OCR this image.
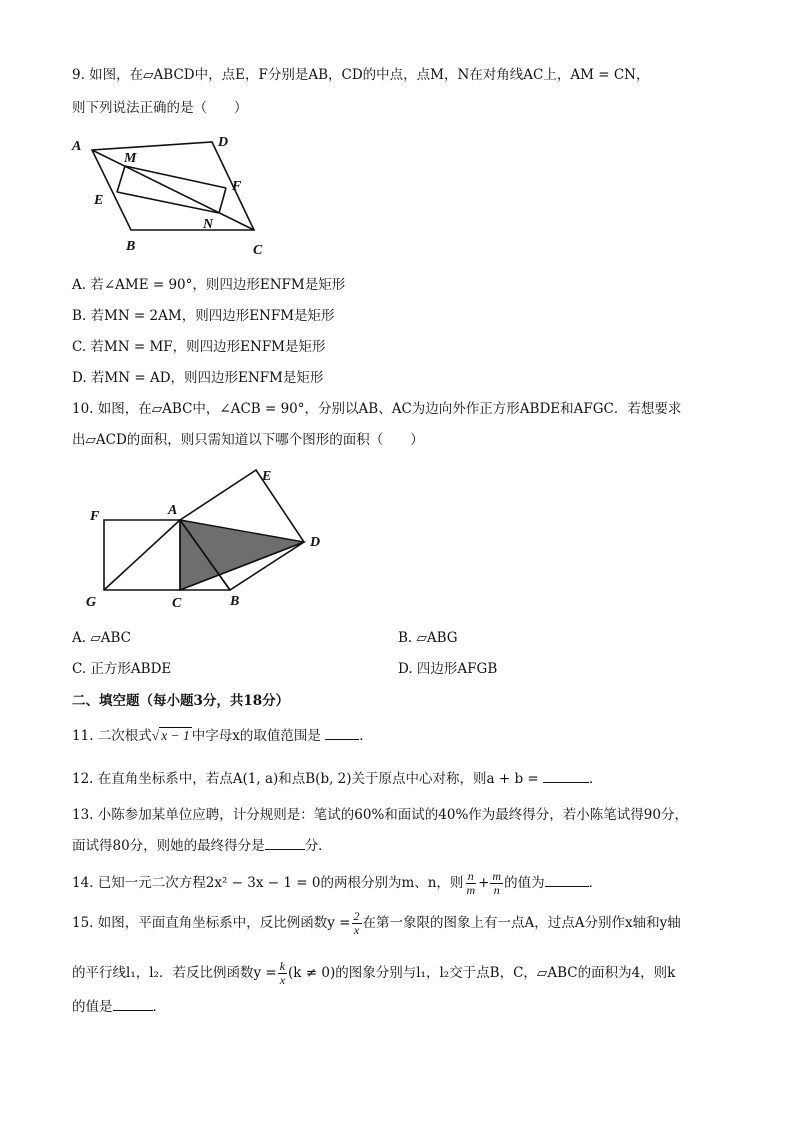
9. 如图，在▱ABCD中，点E，F分别是AB，CD的中点，点M，N在对角线AC上，AM = CN，
则下列说法正确的是（　　）
A	D
M
F
E
N
B	C
A. 若∠AME = 90°，则四边形ENFM是矩形
B. 若MN = 2AM，则四边形ENFM是矩形
C. 若MN = MF，则四边形ENFM是矩形
D. 若MN = AD，则四边形ENFM是矩形
10. 如图，在▱ABC中，∠ACB = 90°，分别以AB、AC为边向外作正方形ABDE和AFGC．若想要求
出▱ACD的面积，则只需知道以下哪个图形的面积（　　）
E
F	A
D
G	C	B
A. ▱ABC	B. ▱ABG
C. 正方形ABDE	D. 四边形AFGB
二、填空题（每小题3分，共18分）
11. 二次根式√ x − 1 中字母x的取值范围是	．
12. 在直角坐标系中，若点A(1, a)和点B(b, 2)关于原点中心对称，则a + b =	．
13. 小陈参加某单位应聘，计分规则是：笔试的60%和面试的40%作为最终得分，若小陈笔试得90分，
面试得80分，则她的最终得分是	分．
14. 已知一元二次方程2x² − 3x − 1 = 0的两根分别为m、n，则 $\frac{n}{m} + \frac{m}{n}$ 的值为	．
15. 如图，平面直角坐标系中，反比例函数$y = \frac{2}{x}$ 在第一象限的图象上有一点A，过点A分别作x轴和y轴
的平行线l₁，l₂．若反比例函数$y = \frac{k}{x} (k \ne 0)$的图象分别与l₁，l₂交于点B，C，▱ABC的面积为4，则k
的值是	．
